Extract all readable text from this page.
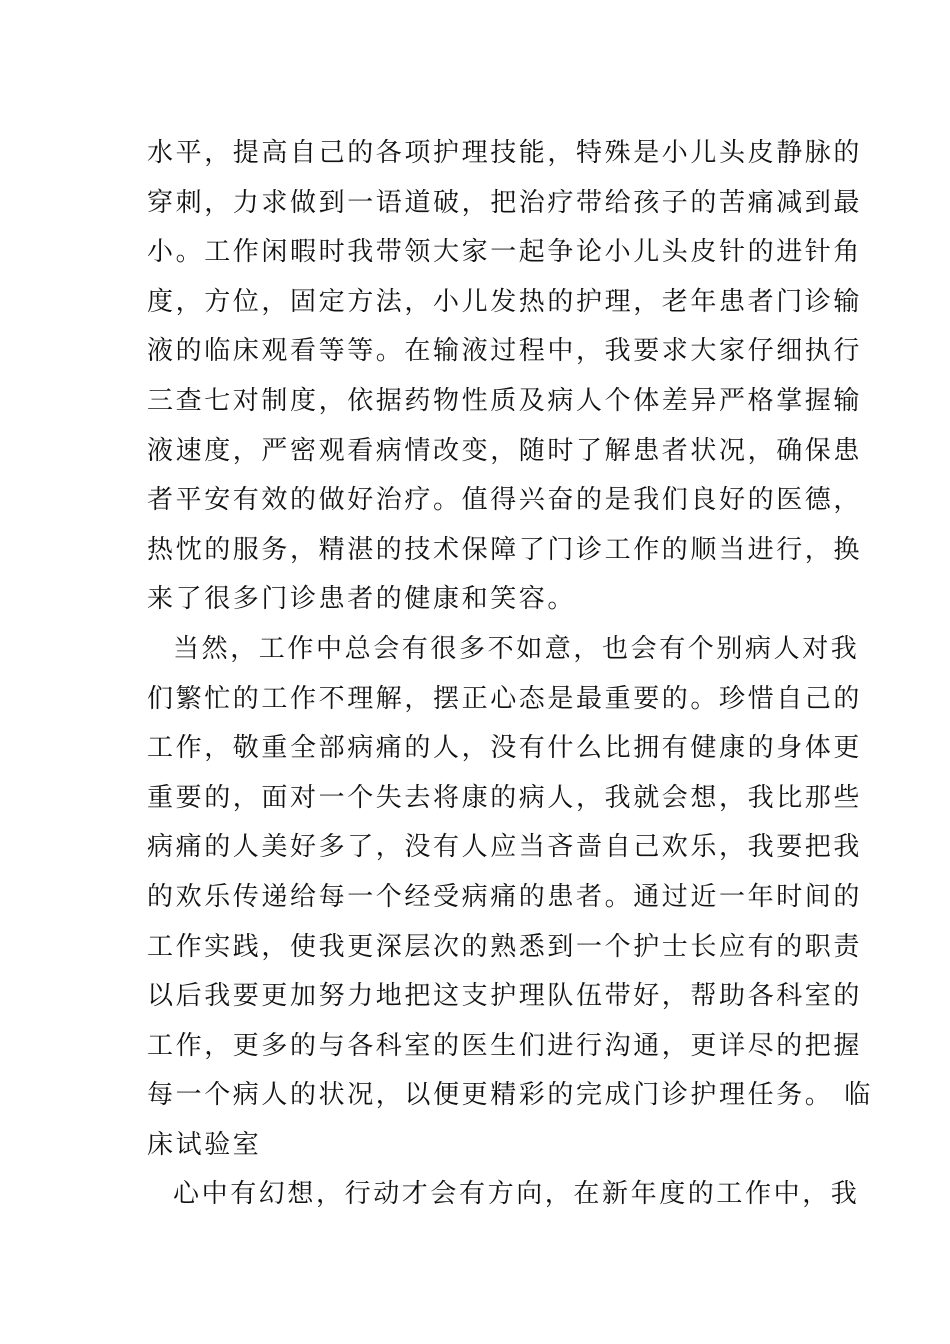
水平，提高自己的各项护理技能，特殊是小儿头皮静脉的
穿刺，力求做到一语道破，把治疗带给孩子的苦痛减到最
小。工作闲暇时我带领大家一起争论小儿头皮针的进针角
度，方位，固定方法，小儿发热的护理，老年患者门诊输
液的临床观看等等。在输液过程中，我要求大家仔细执行
三查七对制度，依据药物性质及病人个体差异严格掌握输
液速度，严密观看病情改变，随时了解患者状况，确保患
者平安有效的做好治疗。值得兴奋的是我们良好的医德，
热忱的服务，精湛的技术保障了门诊工作的顺当进行，换
来了很多门诊患者的健康和笑容。
当然，工作中总会有很多不如意，也会有个别病人对我
们繁忙的工作不理解，摆正心态是最重要的。珍惜自己的
工作，敬重全部病痛的人，没有什么比拥有健康的身体更
重要的，面对一个失去将康的病人，我就会想，我比那些
病痛的人美好多了，没有人应当吝啬自己欢乐，我要把我
的欢乐传递给每一个经受病痛的患者。通过近一年时间的
工作实践，使我更深层次的熟悉到一个护士长应有的职责
以后我要更加努力地把这支护理队伍带好，帮助各科室的
工作，更多的与各科室的医生们进行沟通，更详尽的把握
每一个病人的状况，以便更精彩的完成门诊护理任务。 临
床试验室
心中有幻想，行动才会有方向，在新年度的工作中，我
